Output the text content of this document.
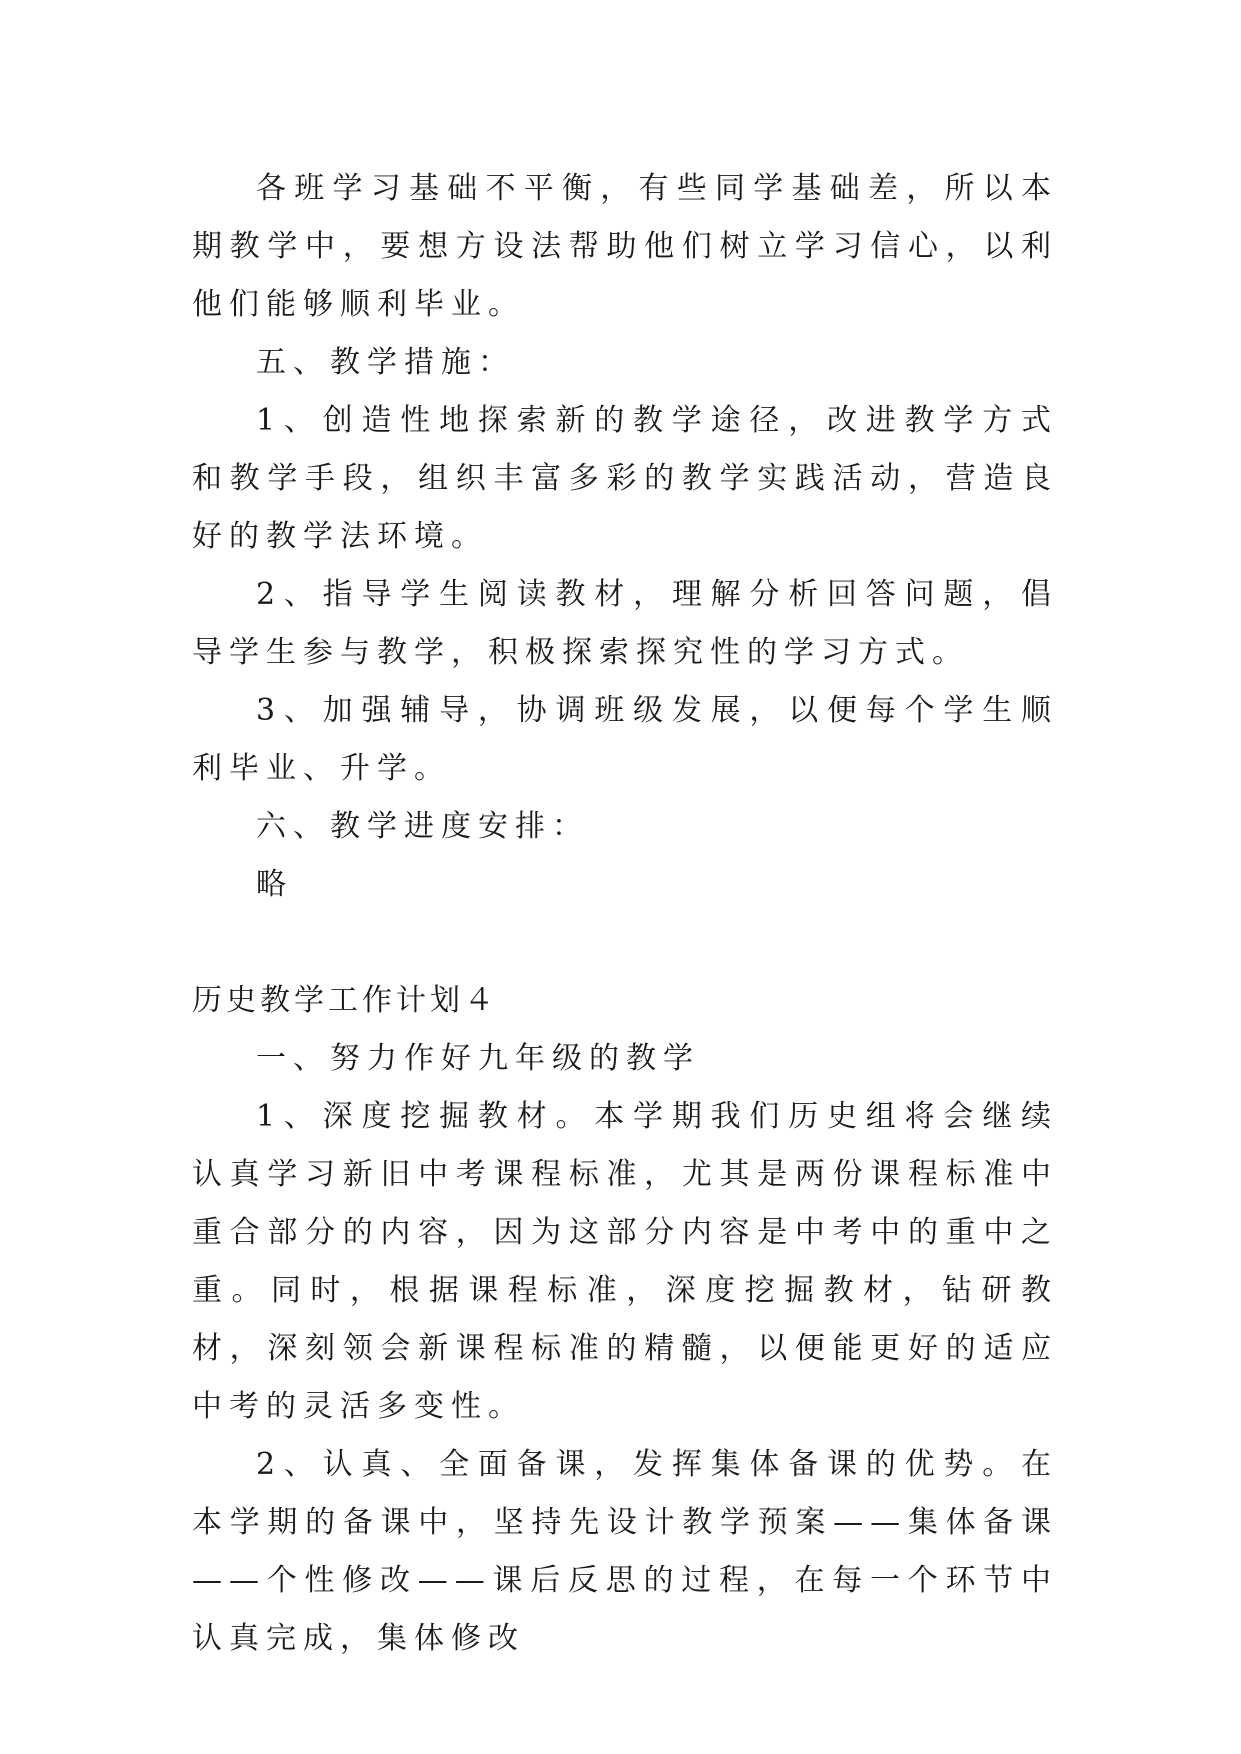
各班学习基础不平衡，有些同学基础差，所以本期教学中，要想方设法帮助他们树立学习信心，以利他们能够顺利毕业。

五、教学措施：

1、创造性地探索新的教学途径，改进教学方式和教学手段，组织丰富多彩的教学实践活动，营造良好的教学法环境。

2、指导学生阅读教材，理解分析回答问题，倡导学生参与教学，积极探索探究性的学习方式。

3、加强辅导，协调班级发展，以便每个学生顺利毕业、升学。

六、教学进度安排：

略

历史教学工作计划４

一、努力作好九年级的教学

1、深度挖掘教材。本学期我们历史组将会继续认真学习新旧中考课程标准，尤其是两份课程标准中重合部分的内容，因为这部分内容是中考中的重中之重。同时，根据课程标准，深度挖掘教材，钻研教材，深刻领会新课程标准的精髓，以便能更好的适应中考的灵活多变性。

2、认真、全面备课，发挥集体备课的优势。在本学期的备课中，坚持先设计教学预案——集体备课——个性修改——课后反思的过程，在每一个环节中认真完成，集体修改
